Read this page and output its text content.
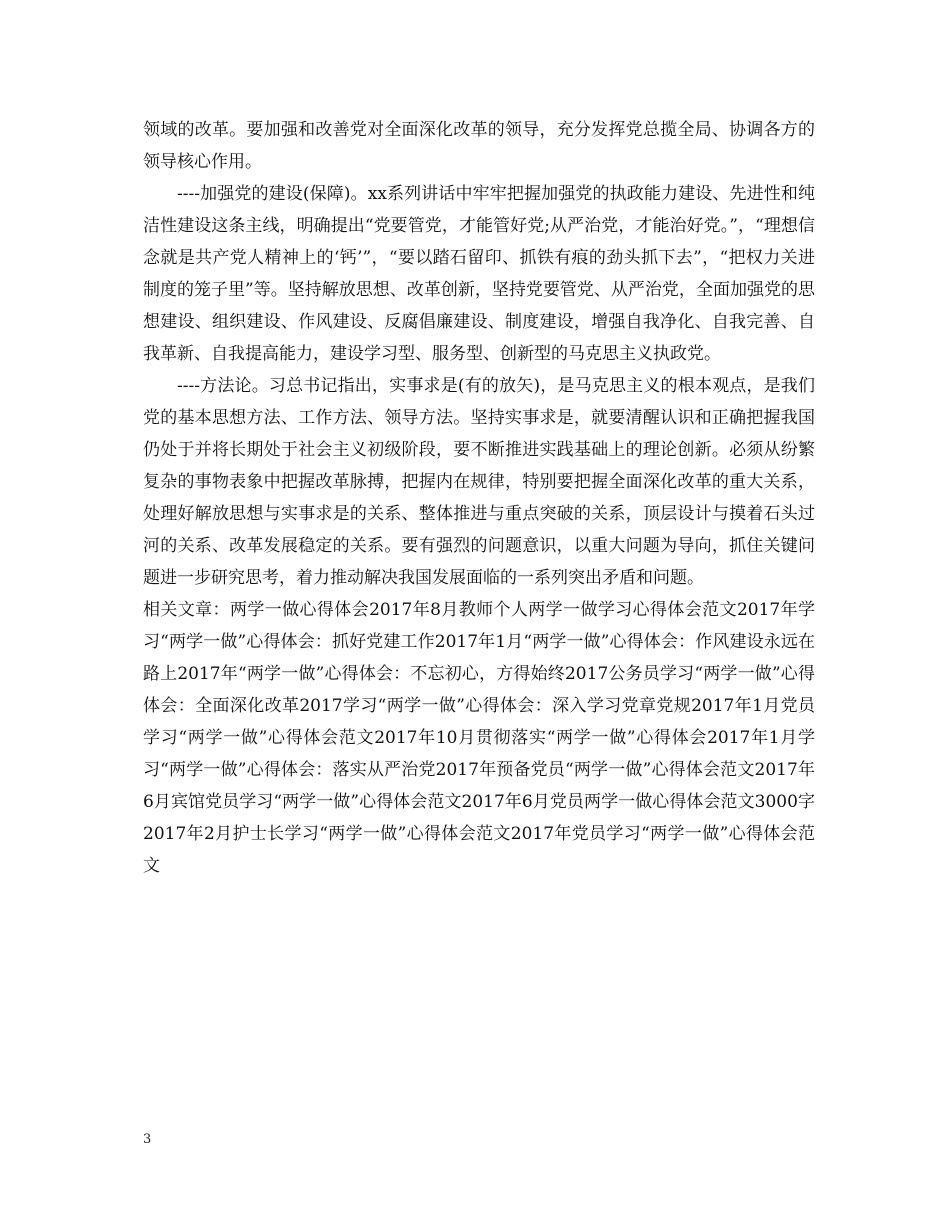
领域的改革。要加强和改善党对全面深化改革的领导，充分发挥党总揽全局、协调各方的领导核心作用。

----加强党的建设(保障)。xx系列讲话中牢牢把握加强党的执政能力建设、先进性和纯洁性建设这条主线，明确提出“党要管党，才能管好党;从严治党，才能治好党。”，“理想信念就是共产党人精神上的‘钙’”，“要以踏石留印、抓铁有痕的劲头抓下去”，“把权力关进制度的笼子里”等。坚持解放思想、改革创新，坚持党要管党、从严治党，全面加强党的思想建设、组织建设、作风建设、反腐倡廉建设、制度建设，增强自我净化、自我完善、自我革新、自我提高能力，建设学习型、服务型、创新型的马克思主义执政党。

----方法论。习总书记指出，实事求是(有的放矢)，是马克思主义的根本观点，是我们党的基本思想方法、工作方法、领导方法。坚持实事求是，就要清醒认识和正确把握我国仍处于并将长期处于社会主义初级阶段，要不断推进实践基础上的理论创新。必须从纷繁复杂的事物表象中把握改革脉搏，把握内在规律，特别要把握全面深化改革的重大关系，处理好解放思想与实事求是的关系、整体推进与重点突破的关系，顶层设计与摸着石头过河的关系、改革发展稳定的关系。要有强烈的问题意识，以重大问题为导向，抓住关键问题进一步研究思考，着力推动解决我国发展面临的一系列突出矛盾和问题。

相关文章：两学一做心得体会2017年8月教师个人两学一做学习心得体会范文2017年学习“两学一做”心得体会：抓好党建工作2017年1月“两学一做”心得体会：作风建设永远在路上2017年“两学一做”心得体会：不忘初心，方得始终2017公务员学习“两学一做”心得体会：全面深化改革2017学习“两学一做”心得体会：深入学习党章党规2017年1月党员学习“两学一做”心得体会范文2017年10月贯彻落实“两学一做”心得体会2017年1月学习“两学一做”心得体会：落实从严治党2017年预备党员“两学一做”心得体会范文2017年6月宾馆党员学习“两学一做”心得体会范文2017年6月党员两学一做心得体会范文3000字2017年2月护士长学习“两学一做”心得体会范文2017年党员学习“两学一做”心得体会范文

3
